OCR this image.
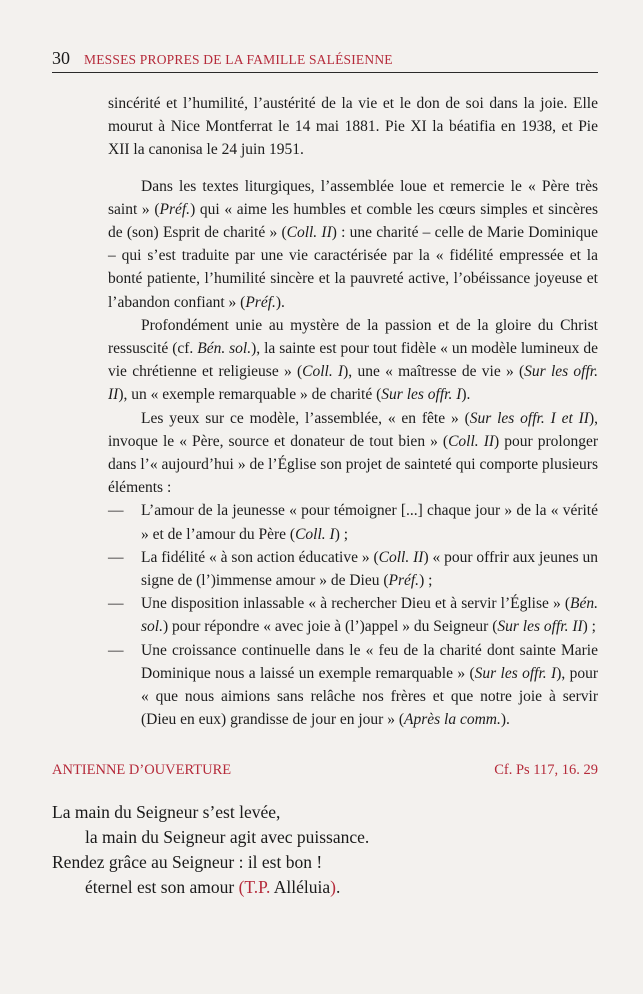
30 MESSES PROPRES DE LA FAMILLE SALÉSIENNE

sincérité et l’humilité, l’austérité de la vie et le don de soi dans la joie. Elle mourut à Nice Montferrat le 14 mai 1881. Pie XI la béatifia en 1938, et Pie XII la canonisa le 24 juin 1951.

Dans les textes liturgiques, l’assemblée loue et remercie le « Père très saint » (Préf.) qui « aime les humbles et comble les cœurs simples et sincères de (son) Esprit de charité » (Coll. II) : une charité – celle de Marie Dominique – qui s’est traduite par une vie caractérisée par la « fidélité empressée et la bonté patiente, l’humilité sincère et la pauvreté active, l’obéissance joyeuse et l’abandon confiant » (Préf.).

Profondément unie au mystère de la passion et de la gloire du Christ ressuscité (cf. Bén. sol.), la sainte est pour tout fidèle « un modèle lumineux de vie chrétienne et religieuse » (Coll. I), une « maîtresse de vie » (Sur les offr. II), un « exemple remarquable » de charité (Sur les offr. I).

Les yeux sur ce modèle, l’assemblée, « en fête » (Sur les offr. I et II), invoque le « Père, source et donateur de tout bien » (Coll. II) pour prolonger dans l’« aujourd’hui » de l’Église son projet de sainteté qui comporte plusieurs éléments :

— L’amour de la jeunesse « pour témoigner [...] chaque jour » de la « vérité » et de l’amour du Père (Coll. I) ;
— La fidélité « à son action éducative » (Coll. II) « pour offrir aux jeunes un signe de (l’)immense amour » de Dieu (Préf.) ;
— Une disposition inlassable « à rechercher Dieu et à servir l’Église » (Bén. sol.) pour répondre « avec joie à (l’)appel » du Seigneur (Sur les offr. II) ;
— Une croissance continuelle dans le « feu de la charité dont sainte Marie Dominique nous a laissé un exemple remarquable » (Sur les offr. I), pour « que nous aimions sans relâche nos frères et que notre joie à servir (Dieu en eux) grandisse de jour en jour » (Après la comm.).
ANTIENNE D’OUVERTURE	Cf. Ps 117, 16. 29
La main du Seigneur s’est levée,
la main du Seigneur agit avec puissance.
Rendez grâce au Seigneur : il est bon !
éternel est son amour (T.P. Alléluia).
